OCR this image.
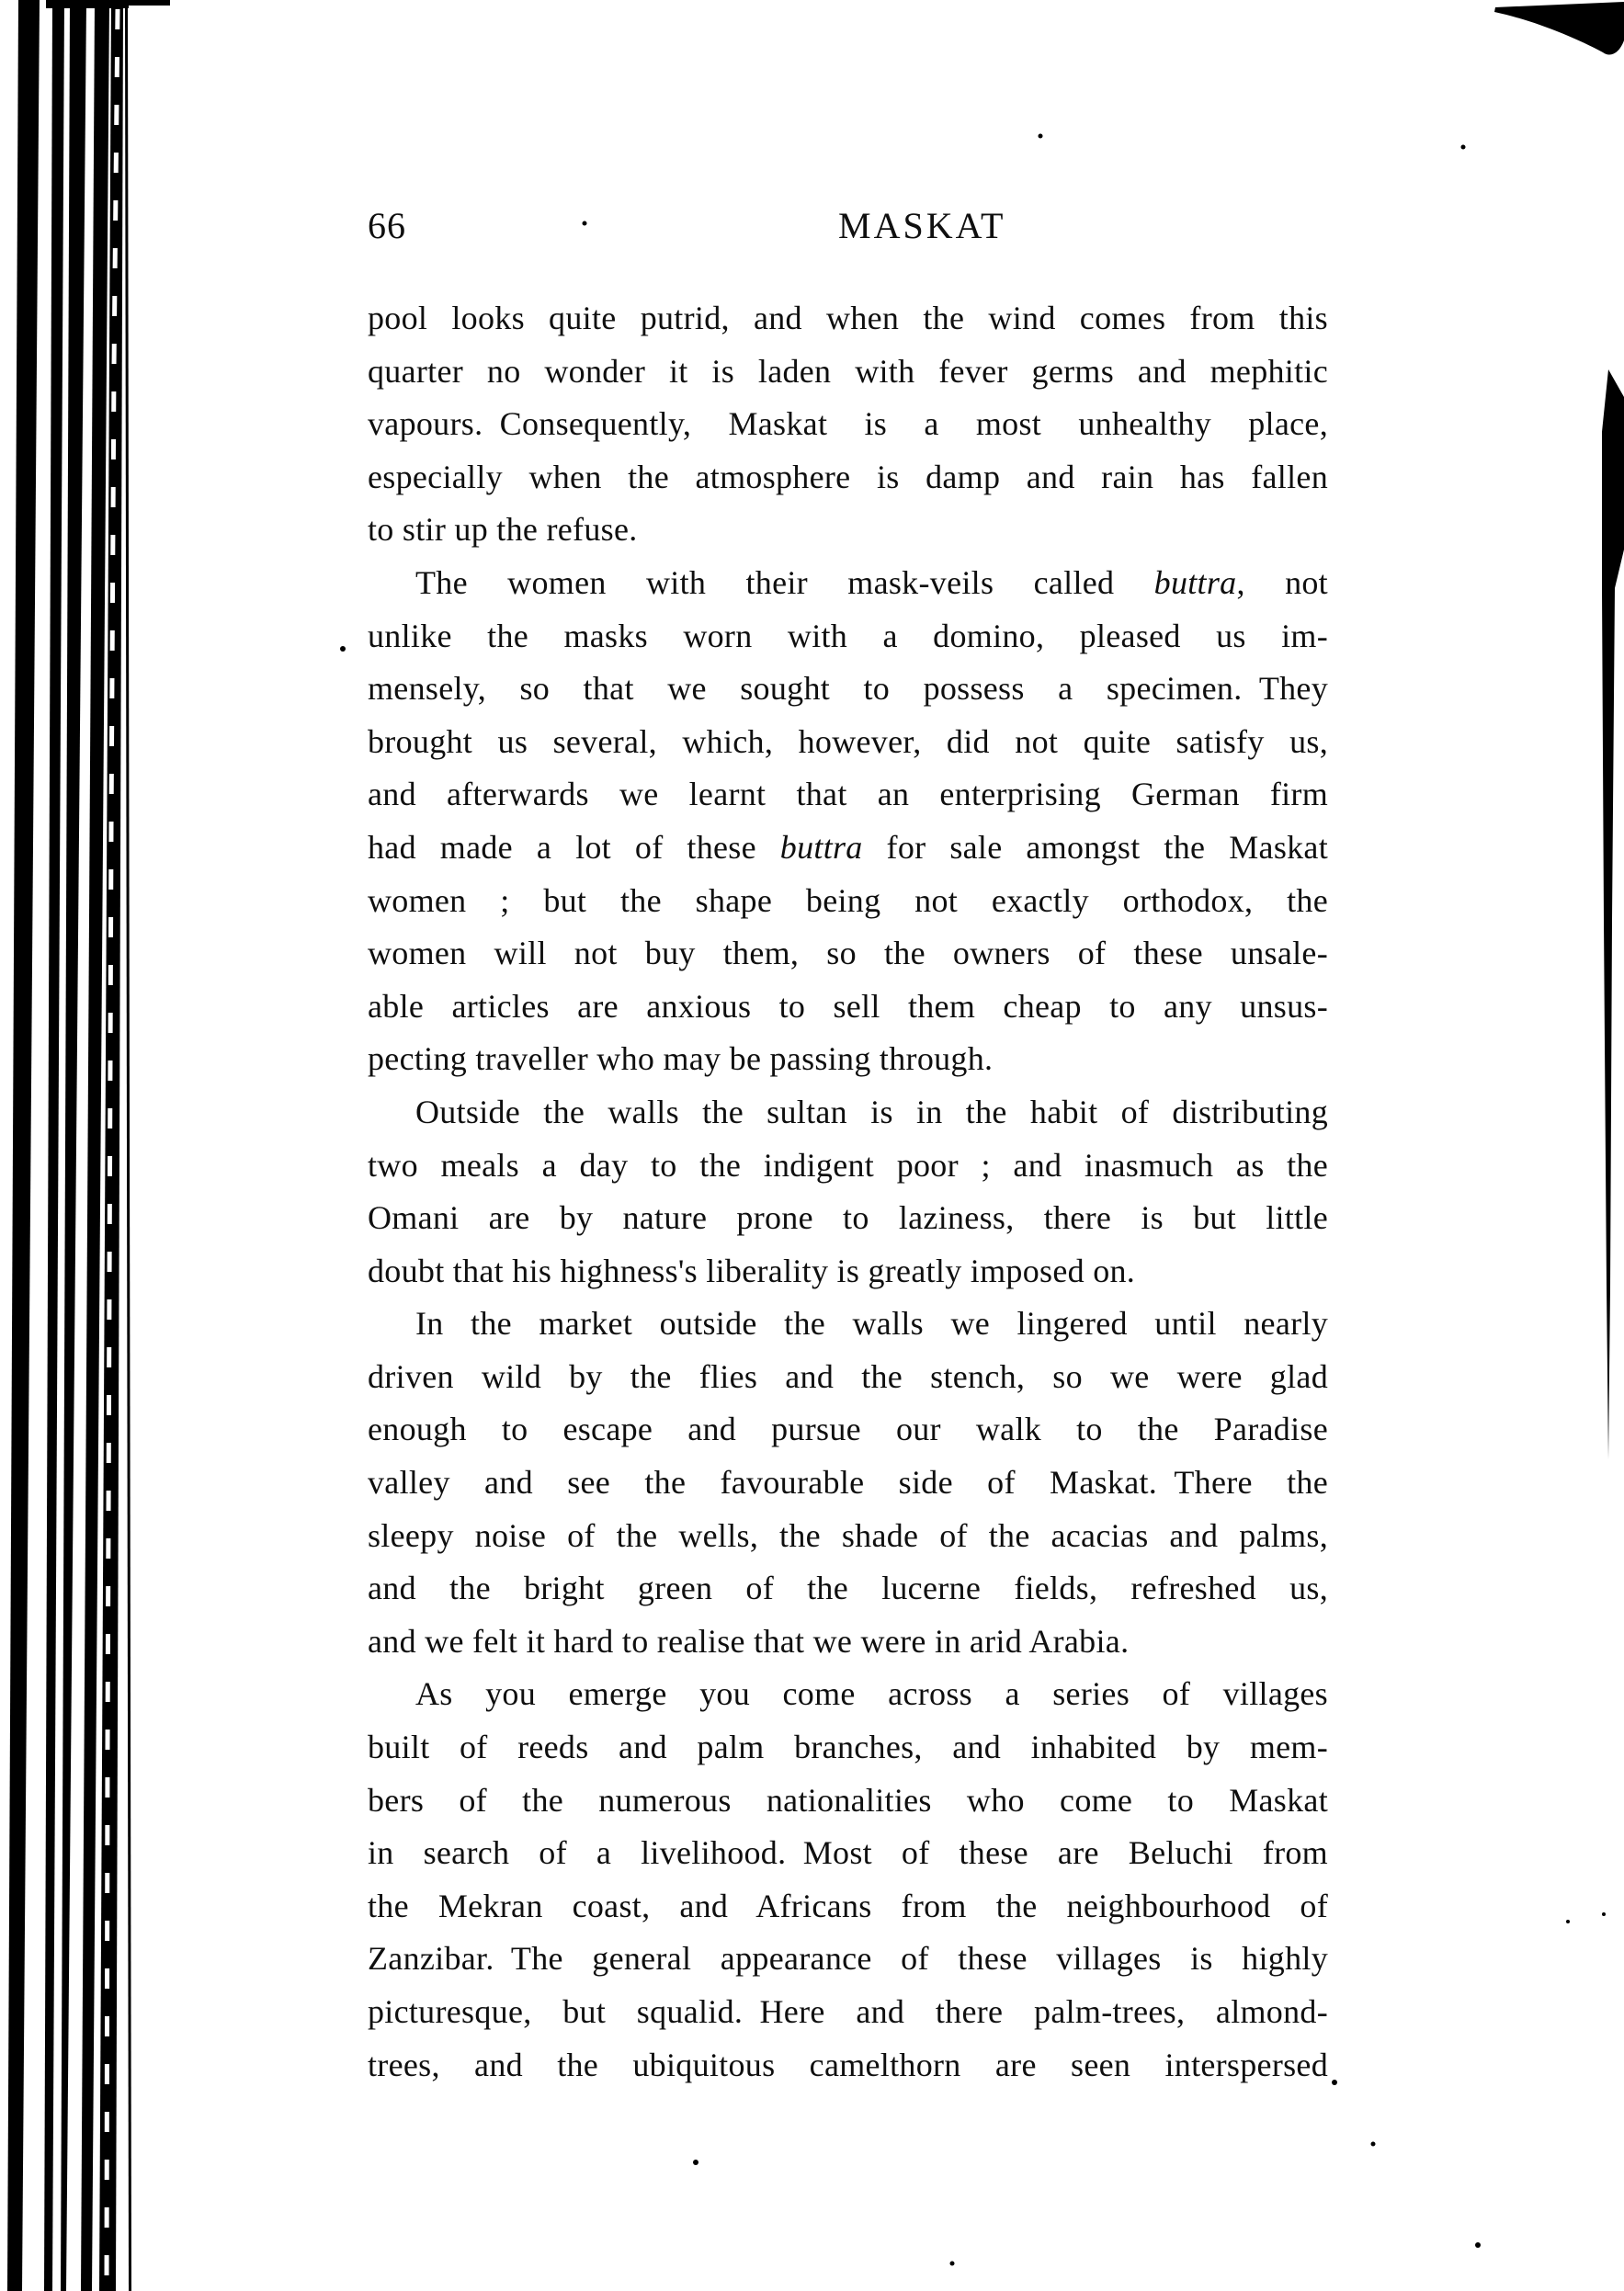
66	MASKAT
pool looks quite putrid, and when the wind comes from this
quarter no wonder it is laden with fever germs and mephitic
vapours. Consequently, Maskat is a most unhealthy place,
especially when the atmosphere is damp and rain has fallen
to stir up the refuse.
The women with their mask-veils called buttra, not
unlike the masks worn with a domino, pleased us im-
mensely, so that we sought to possess a specimen. They
brought us several, which, however, did not quite satisfy us,
and afterwards we learnt that an enterprising German firm
had made a lot of these buttra for sale amongst the Maskat
women ; but the shape being not exactly orthodox, the
women will not buy them, so the owners of these unsale-
able articles are anxious to sell them cheap to any unsus-
pecting traveller who may be passing through.
Outside the walls the sultan is in the habit of distributing
two meals a day to the indigent poor ; and inasmuch as the
Omani are by nature prone to laziness, there is but little
doubt that his highness's liberality is greatly imposed on.
In the market outside the walls we lingered until nearly
driven wild by the flies and the stench, so we were glad
enough to escape and pursue our walk to the Paradise
valley and see the favourable side of Maskat. There the
sleepy noise of the wells, the shade of the acacias and palms,
and the bright green of the lucerne fields, refreshed us,
and we felt it hard to realise that we were in arid Arabia.
As you emerge you come across a series of villages
built of reeds and palm branches, and inhabited by mem-
bers of the numerous nationalities who come to Maskat
in search of a livelihood. Most of these are Beluchi from
the Mekran coast, and Africans from the neighbourhood of
Zanzibar. The general appearance of these villages is highly
picturesque, but squalid. Here and there palm-trees, almond-
trees, and the ubiquitous camelthorn are seen interspersed
